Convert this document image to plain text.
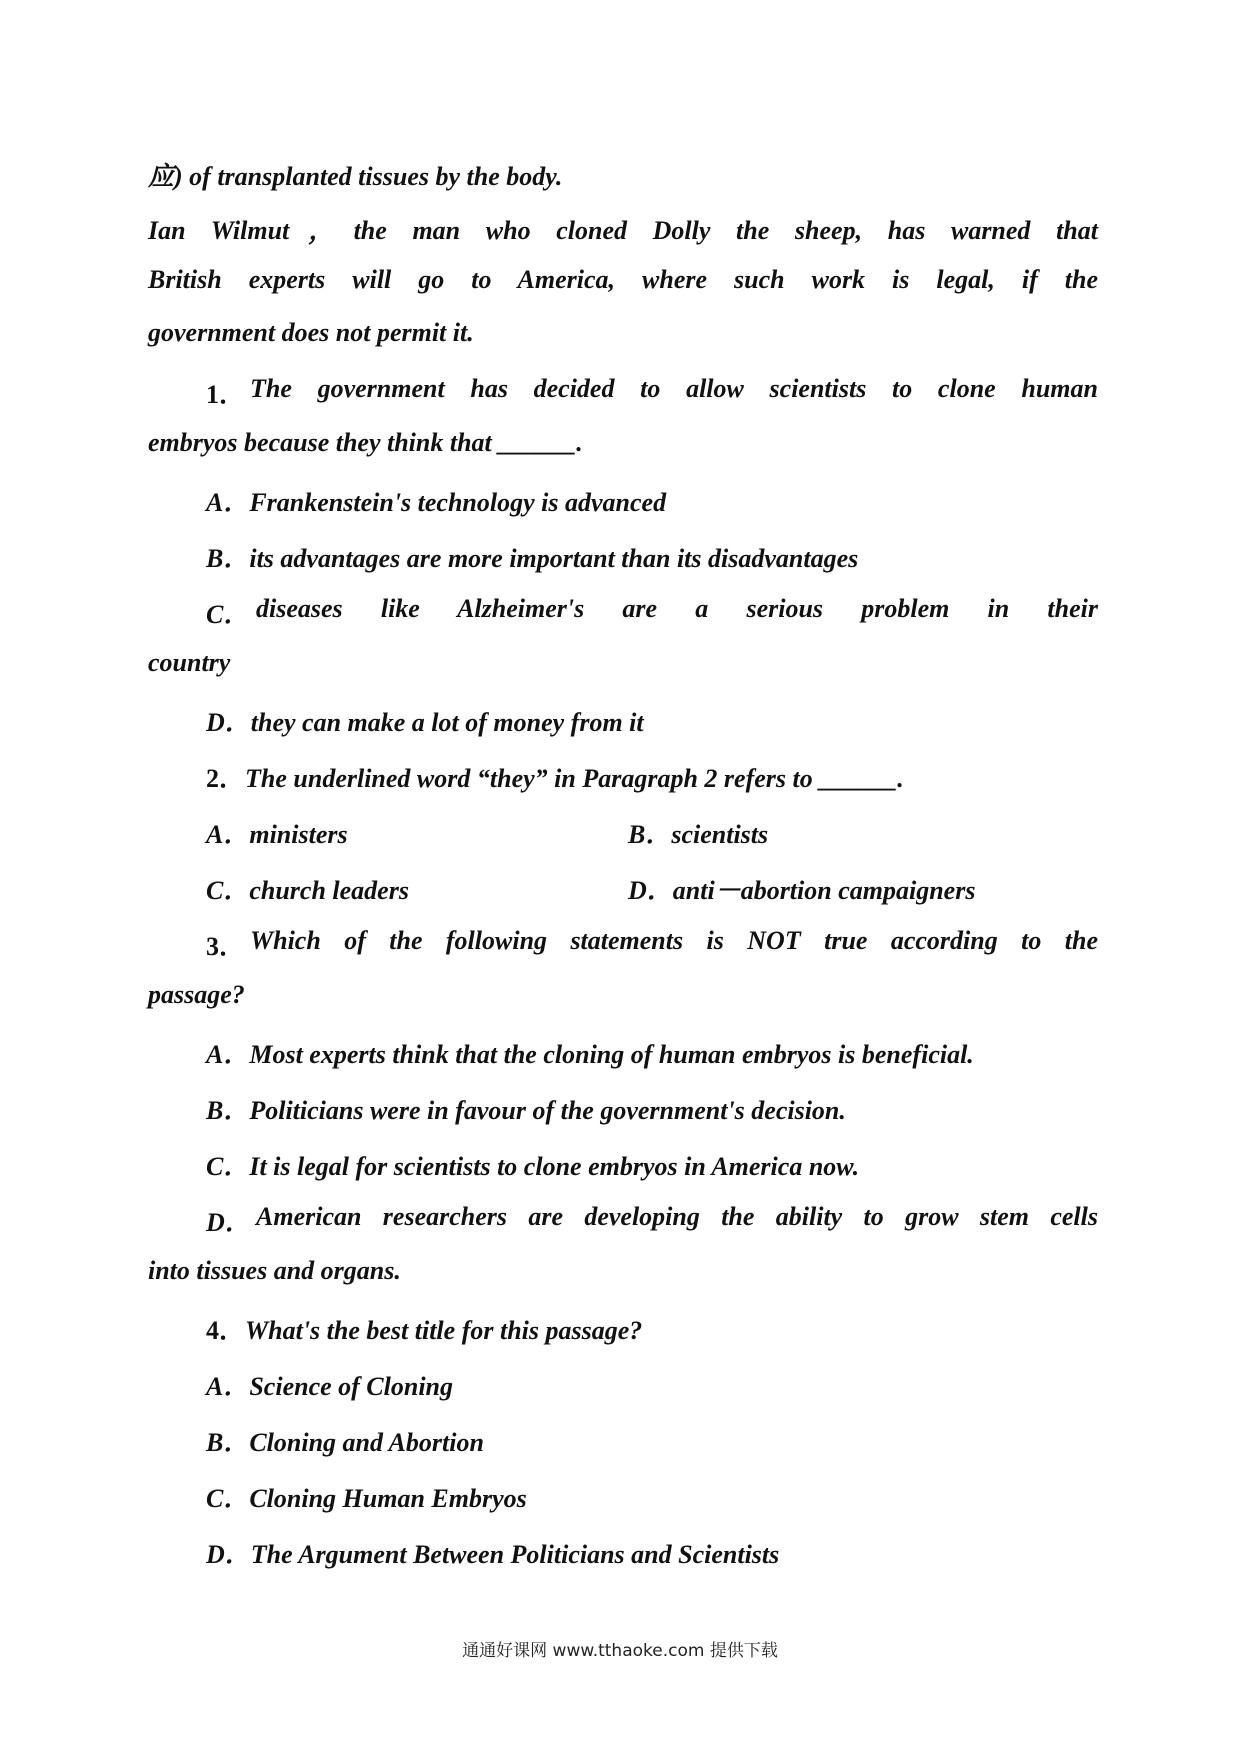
应) of transplanted tissues by the body.
Ian Wilmut，the man who cloned Dolly the sheep, has warned that
British experts will go to America, where such work is legal, if the
government does not permit it.
1． The government has decided to allow scientists to clone human
embryos because they think that ______.
A．Frankenstein's technology is advanced
B．its advantages are more important than its disadvantages
C． diseases like Alzheimer's are a serious problem in their
country
D．they can make a lot of money from it
2．The underlined word “they” in Paragraph 2 refers to ______.
A．ministers	B．scientists
C．church leaders	D．anti－abortion campaigners
3． Which of the following statements is NOT true according to the
passage?
A．Most experts think that the cloning of human embryos is beneficial.
B．Politicians were in favour of the government's decision.
C．It is legal for scientists to clone embryos in America now.
D． American researchers are developing the ability to grow stem cells
into tissues and organs.
4．What's the best title for this passage?
A．Science of Cloning
B．Cloning and Abortion
C．Cloning Human Embryos
D．The Argument Between Politicians and Scientists
通通好课网 www.tthaoke.com 提供下载
